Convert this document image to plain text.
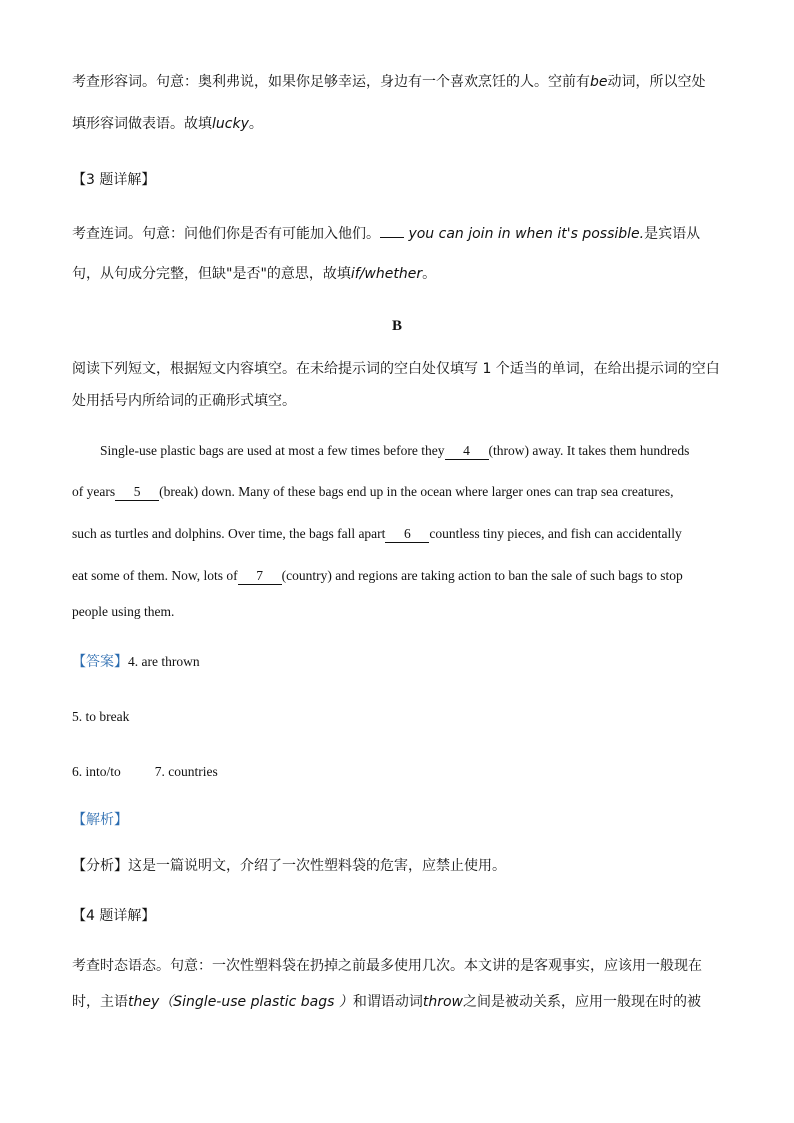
考查形容词。句意：奥利弗说，如果你足够幸运，身边有一个喜欢烹饪的人。空前有be动词，所以空处
填形容词做表语。故填lucky。
【3 题详解】
考查连词。句意：问他们你是否有可能加入他们。 you can join in when it's possible.是宾语从
句，从句成分完整，但缺"是否"的意思，故填if/whether。
B
阅读下列短文，根据短文内容填空。在未给提示词的空白处仅填写 1 个适当的单词，在给出提示词的空白
处用括号内所给词的正确形式填空。
Single-use plastic bags are used at most a few times before they 4 (throw) away. It takes them hundreds
of years 5 (break) down. Many of these bags end up in the ocean where larger ones can trap sea creatures,
such as turtles and dolphins. Over time, the bags fall apart 6 countless tiny pieces, and fish can accidentally
eat some of them. Now, lots of 7 (country) and regions are taking action to ban the sale of such bags to stop
people using them.
【答案】4. are thrown
5. to break
6. into/to	7. countries
【解析】
【分析】这是一篇说明文，介绍了一次性塑料袋的危害，应禁止使用。
【4 题详解】
考查时态语态。句意：一次性塑料袋在扔掉之前最多使用几次。本文讲的是客观事实，应该用一般现在
时，主语they（Single-use plastic bags ）和谓语动词throw之间是被动关系，应用一般现在时的被
